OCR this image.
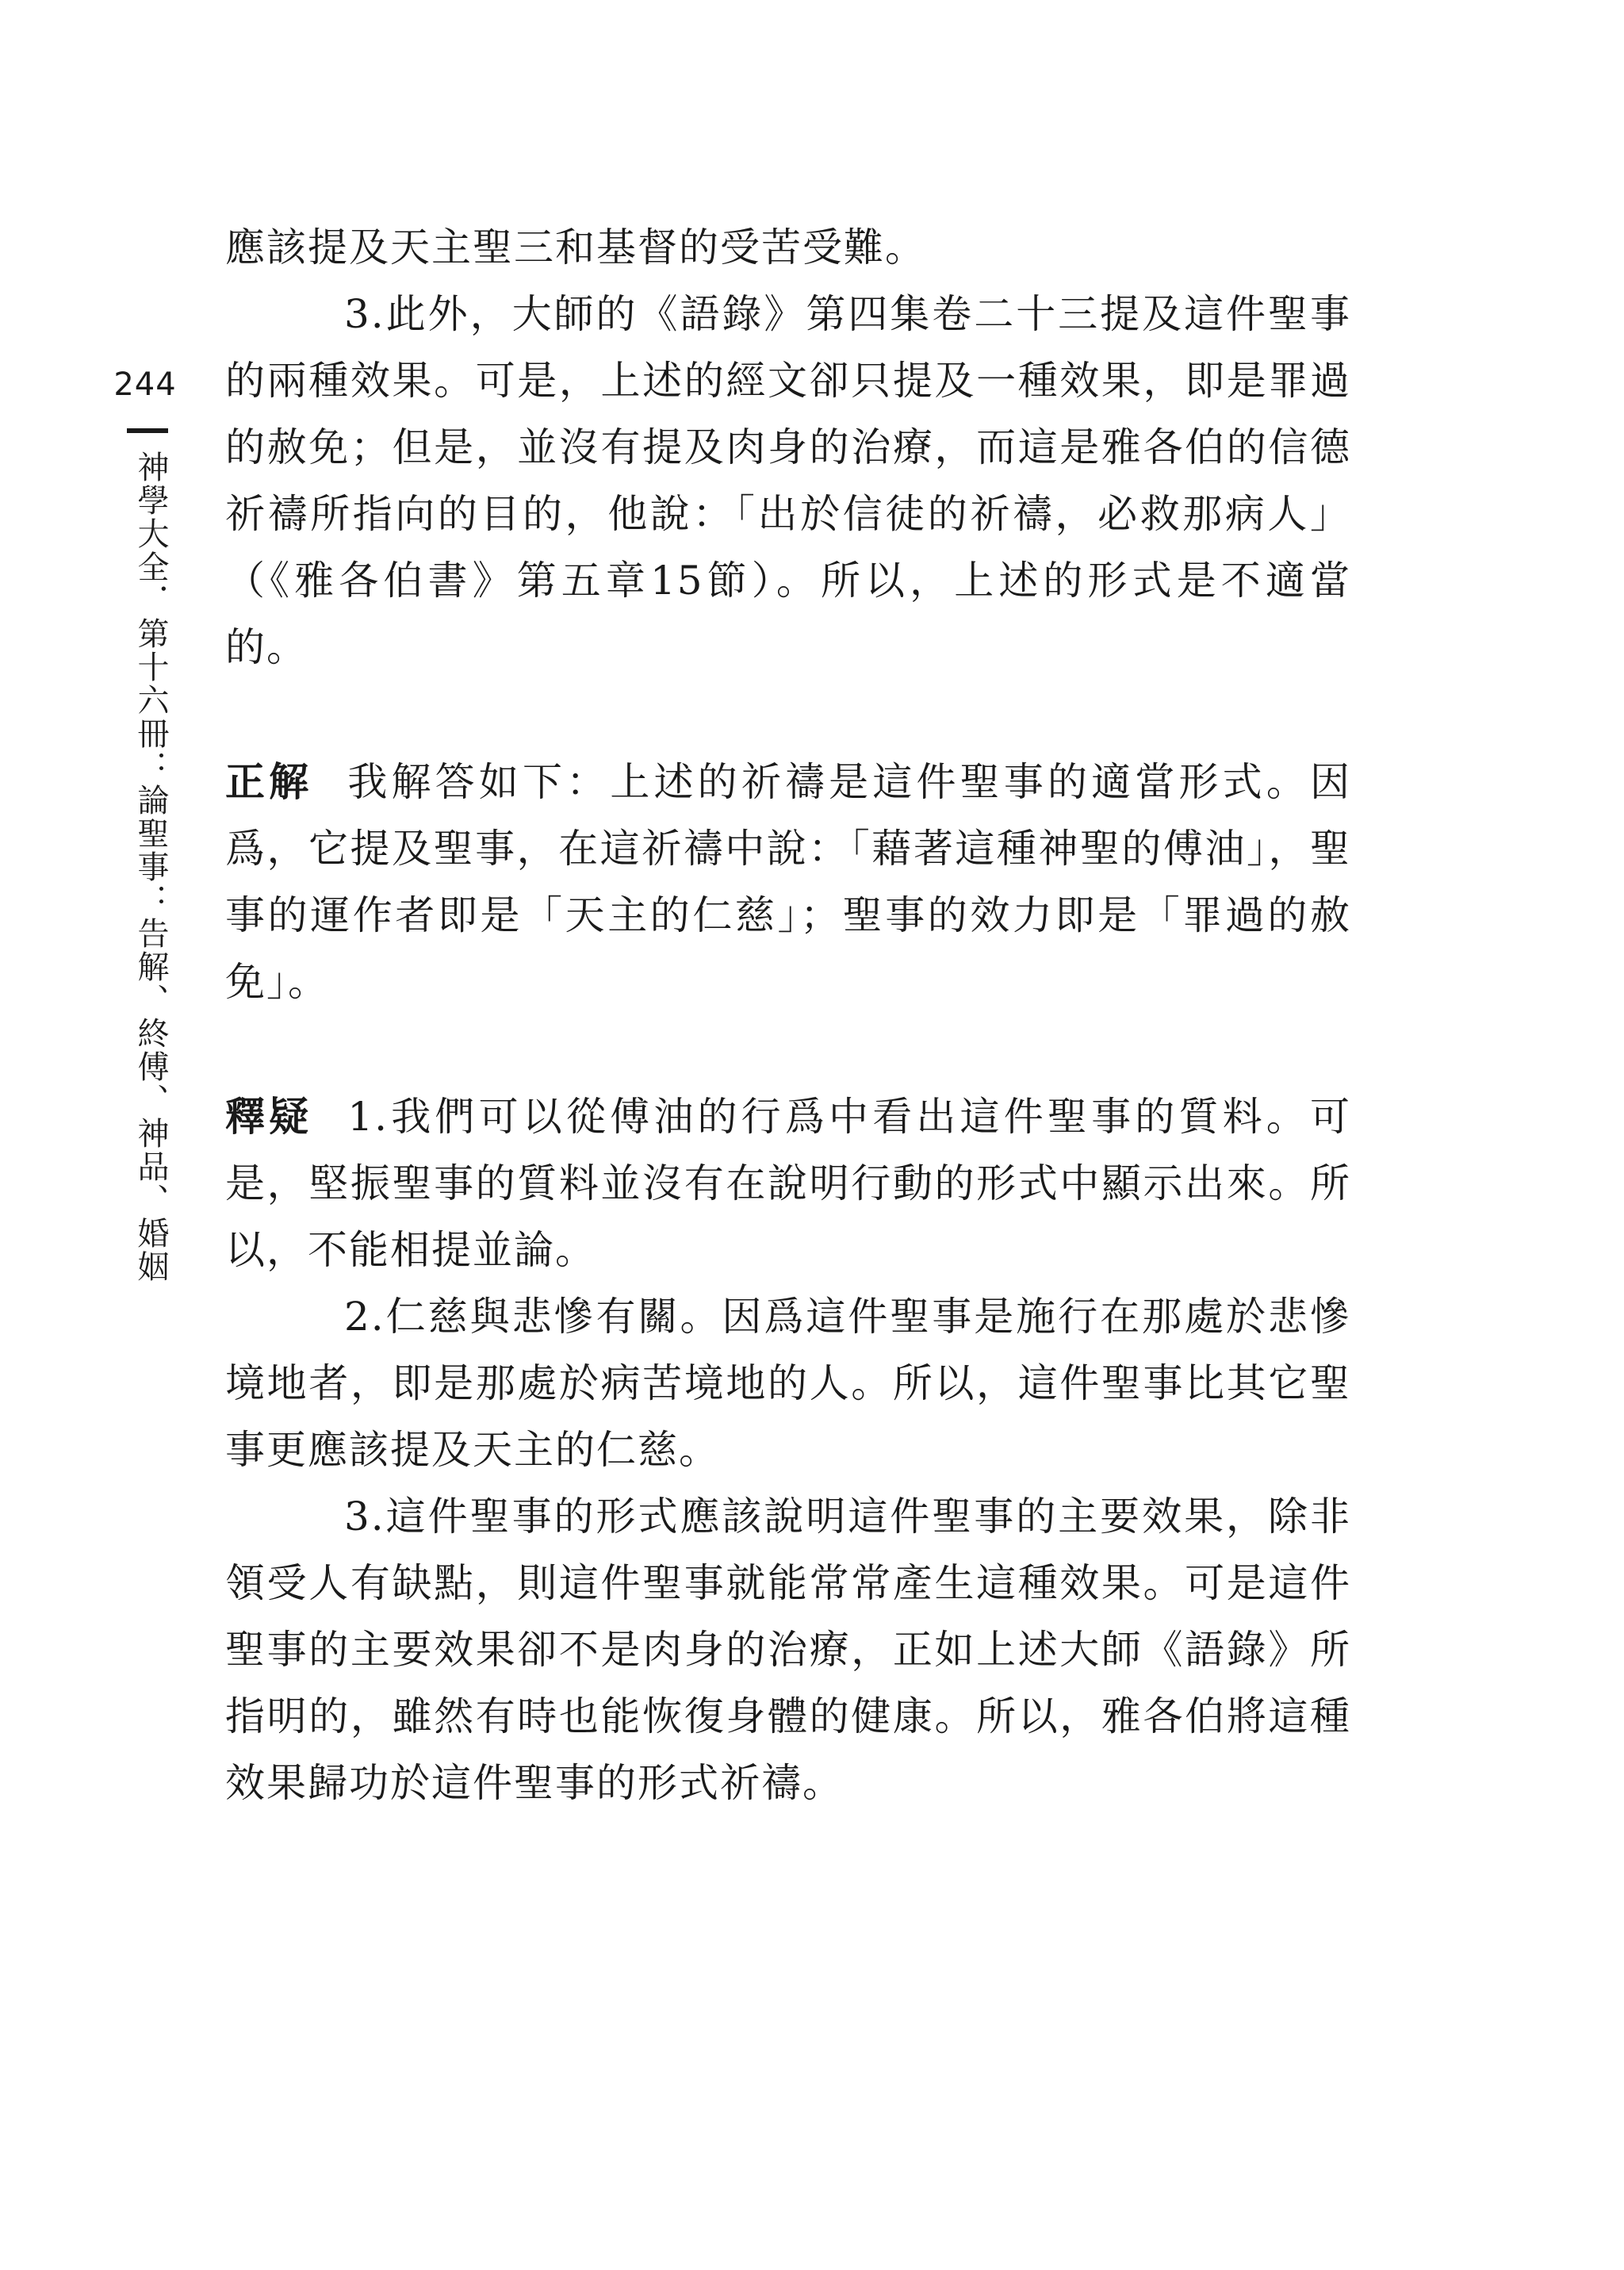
244
神學大全．第十六冊：論聖事：告解、終傅、神品、婚姻

應該提及天主聖三和基督的受苦受難。

3.此外，大師的《語錄》第四集卷二十三提及這件聖事的兩種效果。可是，上述的經文卻只提及一種效果，即是罪過的赦免；但是，並沒有提及肉身的治療，而這是雅各伯的信德祈禱所指向的目的，他說：「出於信徒的祈禱，必救那病人」（《雅各伯書》第五章15節）。所以，上述的形式是不適當的。

正解 我解答如下：上述的祈禱是這件聖事的適當形式。因爲，它提及聖事，在這祈禱中說：「藉著這種神聖的傅油」，聖事的運作者即是「天主的仁慈」；聖事的效力即是「罪過的赦免」。

釋疑 1.我們可以從傅油的行爲中看出這件聖事的質料。可是，堅振聖事的質料並沒有在說明行動的形式中顯示出來。所以，不能相提並論。

2.仁慈與悲慘有關。因爲這件聖事是施行在那處於悲慘境地者，即是那處於病苦境地的人。所以，這件聖事比其它聖事更應該提及天主的仁慈。

3.這件聖事的形式應該說明這件聖事的主要效果，除非領受人有缺點，則這件聖事就能常常產生這種效果。可是這件聖事的主要效果卻不是肉身的治療，正如上述大師《語錄》所指明的，雖然有時也能恢復身體的健康。所以，雅各伯將這種效果歸功於這件聖事的形式祈禱。
